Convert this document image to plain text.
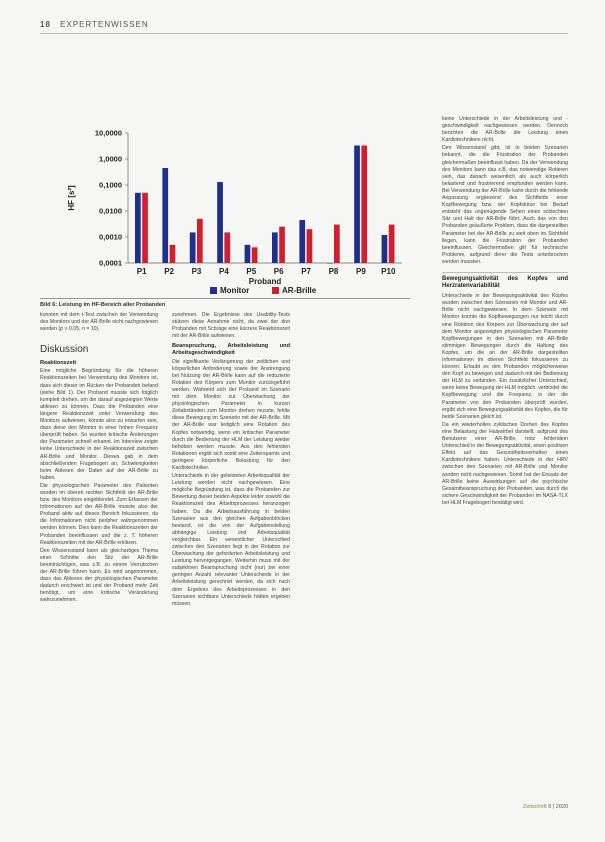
18 EXPERTENWISSEN
10,0000
1,0000
0,1000
0,0100
0,0010
0,0001
HF [s²]
P1 P2 P3 P4 P5 P6 P7 P8 P9 P10
Proband
Monitor	AR-Brille
Bild 6: Leistung im HF-Bereich aller Probanden

konnten mit dem t-Test zwischen der Verwendung des Monitors und der AR-Brille nicht nachgewiesen werden (p > 0,05, n = 10).

Diskussion
Reaktionszeit

Eine mögliche Begründung für die höheren Reaktionszeiten bei Verwendung des Monitors ist, dass sich dieser im Rücken der Probanden befand (siehe Bild 1). Der Proband musste sich folglich komplett drehen, um die darauf angezeigten Werte ablesen zu können. Dass die Probanden eine längere Reaktionszeit unter Verwendung des Monitors aufwiesen, könnte also zu erwarten sein, dass diese den Monitor in einer hohen Frequenz überprüft haben. So wurden kritische Änderungen der Parameter schnell erkannt. Im Interview zeigte keine Unterschiede in der Reaktionszeit zwischen AR-Brille und Monitor. Dieses gab in dem abschließenden Fragebogen an, Schwierigkeiten beim Ablesen der Daten auf der AR-Brille zu haben.

Die physiologischen Parameter des Patienten wurden im oberen rechten Sichtfeld der AR-Brille bzw. des Monitors eingeblendet. Zum Erfassen der Informationen auf der AR-Brille musste also der Proband aktiv auf dieses Bereich fokussieren, da die Informationen nicht peripher wahrgenommen werden können. Dies kann die Reaktionszeiten der Probanden beeinflussen und die z. T. höheren Reaktionszeiten mit der AR-Brille erklären.

Den Wissensstand kann als gleichartiges Thema einer Schnitte den Sitz der AR-Brille beeinträchtigen, was z.B. zu einem Verrutschen der AR-Brille führen kann. Es wird angenommen, dass das Ablesen der physiologischen Parameter dadurch erschwert ist und der Proband mehr Zeit benötigt, um eine kritische Veränderung wahrzunehmen.

zunehmen. Die Ergebnisse des Usability-Tests stützen diese Annahme nicht, da zwei der drei Probanden mit Schräge eine kürzere Reaktionszeit mit der AR-Brille aufwiesen.

Beanspruchung, Arbeitsleistung und Arbeitsgeschwindigkeit

Die signifikante Verlängerung der zeitlichen und körperlichen Anforderung sowie der Anstrengung bei Nutzung der AR-Brille kann auf die reduzierte Rotation des Körpers zum Monitor zurückgeführt werden. Während sich der Proband im Szenario mit dem Monitor zur Überwachung der physiologischen Parameter in kurzen Zeitabständen zum Monitor drehen musste, fehlte diese Bewegung im Szenario mit der AR-Brille. Mit der AR-Brille war lediglich eine Rotation des Kopfes notwendig, wenn ein kritischer Parameter durch die Bedienung der HLM der Leistung wieder behoben werden musste. Aus den fehlenden Rotationen ergibt sich somit eine Zeitersparnis und geringere körperliche Belastung für den Kardiotechniker.

Unterschiede in der geleisteten Arbeitsqualität der Leistung werden nicht nachgewiesen. Eine mögliche Begründung ist, dass die Probanden zur Bewertung dieser beiden Aspekte leider sowohl die Reaktionszeit des Arbeitsprozesses heranzogen haben. Da die Arbeitsausführung in beiden Szenarien aus den gleichen Aufgabenblöcken bestand, ist die von der Aufgabenstellung abhängige Leistung und Arbeitsqualität vergleichbar. Ein wesentlicher Unterschied zwischen den Szenarien liegt in der Rotation zur Überwachung der geforderten Arbeitsleistung und Leistung hervorgegangen. Weiterhin muss mit der subjektiven Beanspruchung nicht (nur) bei einer geringen Anzahl relevanter Unterschiede in der Arbeitsleistung gerechnet werden, da sich nach dem Ergebnis des Arbeitsprozesses in den Szenarien sichtbare Unterschiede hätten ergeben müssen.

keine Unterschiede in der Arbeitsleistung und -geschwindigkeit nachgewiesen werden. Dennoch berichten die AR-Brille die Leistung eines Kardiotechnikers nicht.

Den Wissenstand gibt, ist in beiden Szenarien bekannt, die die Frustration der Probanden gleichermaßen beeinflusst haben. Da der Verwendung des Monitors kann das z.B. das notwendige Rotieren sein, das danach wesentlich als auch körperlich belastend und frustrierend empfunden werden kann. Bei Verwendung der AR-Brille kann durch die fehlende Anpassung ergänzend des Sichtfelds einer Kopfbewegung bzw. der Kopfstütze bei Bedarf entsteht das ungenügende Sehen eines schlechten Sitz und Halt der AR-Brille führt. Auch das von den Probanden geäußerte Problem, dass die dargestellten Parameter bei der AR-Brille zu weit oben im Sichtfeld liegen, kann die Frustration der Probanden beeinflussen. Gleichermaßen gilt für technische Probleme, aufgrund derer die Tests unterbrochen werden mussten.

Bewegungsaktivität des Kopfes und Herzratenvariabilität

Unterschiede in der Bewegungsaktivität des Kopfes wurden zwischen den Szenarien mit Monitor und AR-Brille nicht nachgewiesen. In dem Szenario mit Monitor konnte die Kopfbewegungen nur leicht durch eine Rotation des Körpers zur Überwachung der auf dem Monitor angezeigten physiologischen Parameter Kopfbewegungen in den Szenarien mit AR-Brille stimmigen Bewegungen durch die Haltung des Kopfes, um die an der AR-Brille dargestellten Informationen im oberen Sichtfeld fokussieren zu können. Erlaubt es den Probanden möglicherweise den Kopf zu bewegen und dadurch mit der Bedienung der HLM zu verbinden. Ein zusätzlicher Unterschied, wenn keine Bewegung der HLM möglich, verbindet die Kopfbewegung und die Frequenz, in der die Parameter von den Probanden überprüft wurden, ergibt sich eine Bewegungsaktivität des Kopfes, die für beide Szenarien gleich ist.

Da ein wiederholtes zyklisches Drehen des Kopfes eine Belastung der Halswirbel darstellt, aufgrund des Benutzens einer AR-Brille, trotz fehlendem Unterschied in der Bewegungsaktivität, einen positiven Effekt auf das Gesundheitsverhalten eines Kardiotechnikers haben. Unterschiede in der HRV zwischen den Szenarien mit AR-Brille und Monitor wurden nicht nachgewiesen. Somit hat der Einsatz der AR-Brille keine Auswirkungen auf die psychische Gesamtbeanspruchung der Probanden, was durch die sichere Geschwindigkeit der Probanden im NASA-TLX bei HLM Fragebogen bestätigt wird.

Zeitschrift 6 | 2020
